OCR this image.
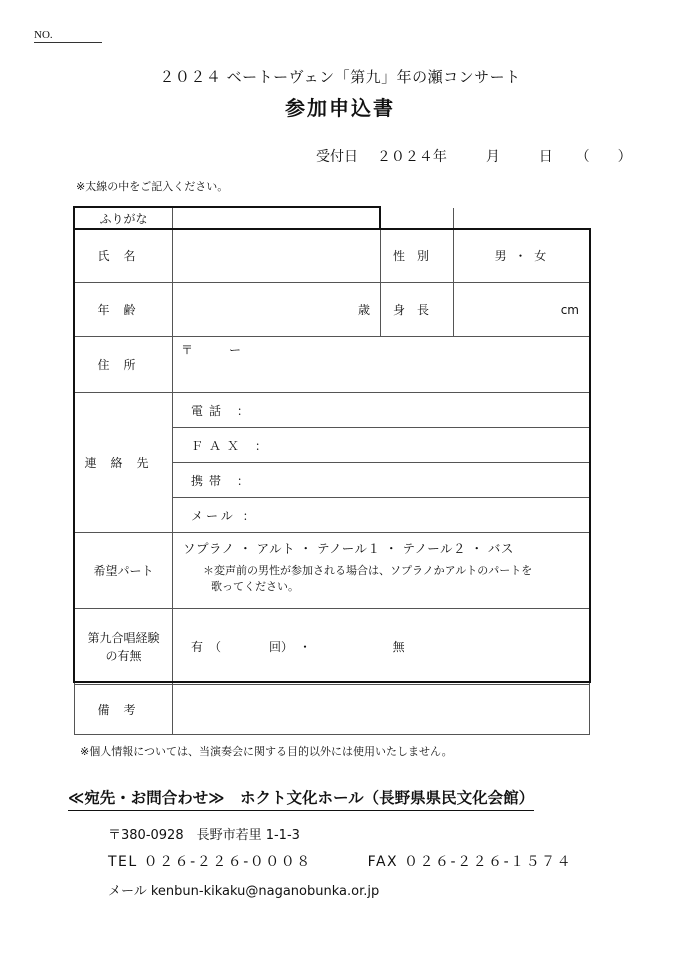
NO.
２０２４ ベートーヴェン「第九」年の瀬コンサート
参加申込書
受付日 ２０２４年	月	日 （　　）
※太線の中をご記入ください。
ふりがな			
氏名		性別	男 ・ 女
年齢	歳	身長	cm
住所	〒　　　ー		
連絡先	電話 ：		
	ＦＡＸ ：		
	携帯 ：		
	メール ：		
希望パート	ソプラノ ・ アルト ・ テノール１ ・ テノール２ ・ バス
＊変声前の男性が参加される場合は、ソプラノかアルトのパートを
歌ってください。		

第九合唱経験
の有無	有　（　　　　回）　・ 無		
備考			
※個人情報については、当演奏会に関する目的以外には使用いたしません。
≪宛先・お問合わせ≫　ホクト文化ホール（長野県県民文化会館）
〒380-0928　長野市若里 1-1-3
TEL ０２６-２２６-０００８	FAX ０２６-２２６-１５７４
メール kenbun-kikaku@naganobunka.or.jp
